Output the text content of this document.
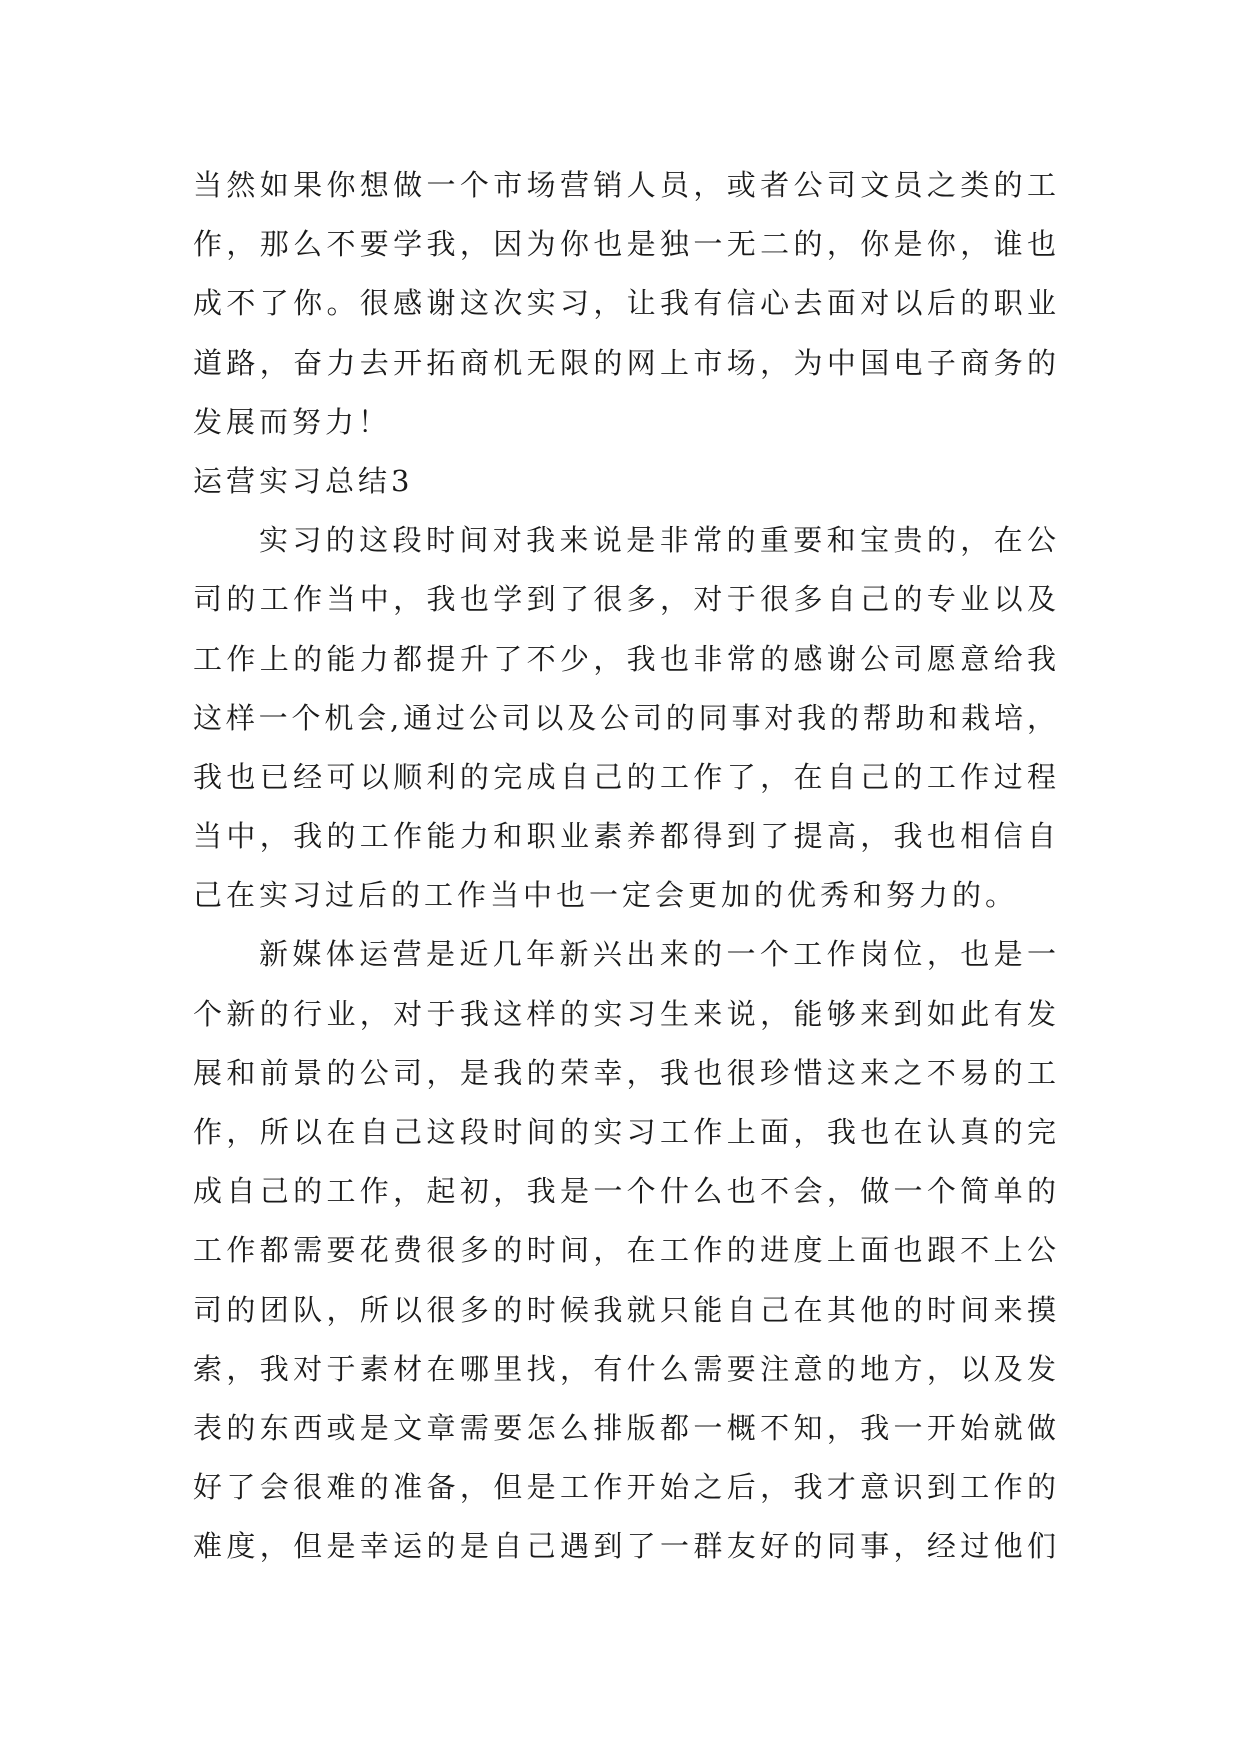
当然如果你想做一个市场营销人员，或者公司文员之类的工
作，那么不要学我，因为你也是独一无二的，你是你，谁也
成不了你。很感谢这次实习，让我有信心去面对以后的职业
道路，奋力去开拓商机无限的网上市场，为中国电子商务的
发展而努力！
运营实习总结3
实习的这段时间对我来说是非常的重要和宝贵的，在公
司的工作当中，我也学到了很多，对于很多自己的专业以及
工作上的能力都提升了不少，我也非常的感谢公司愿意给我
这样一个机会,通过公司以及公司的同事对我的帮助和栽培，
我也已经可以顺利的完成自己的工作了，在自己的工作过程
当中，我的工作能力和职业素养都得到了提高，我也相信自
己在实习过后的工作当中也一定会更加的优秀和努力的。
新媒体运营是近几年新兴出来的一个工作岗位，也是一
个新的行业，对于我这样的实习生来说，能够来到如此有发
展和前景的公司，是我的荣幸，我也很珍惜这来之不易的工
作，所以在自己这段时间的实习工作上面，我也在认真的完
成自己的工作，起初，我是一个什么也不会，做一个简单的
工作都需要花费很多的时间，在工作的进度上面也跟不上公
司的团队，所以很多的时候我就只能自己在其他的时间来摸
索，我对于素材在哪里找，有什么需要注意的地方，以及发
表的东西或是文章需要怎么排版都一概不知，我一开始就做
好了会很难的准备，但是工作开始之后，我才意识到工作的
难度，但是幸运的是自己遇到了一群友好的同事，经过他们
